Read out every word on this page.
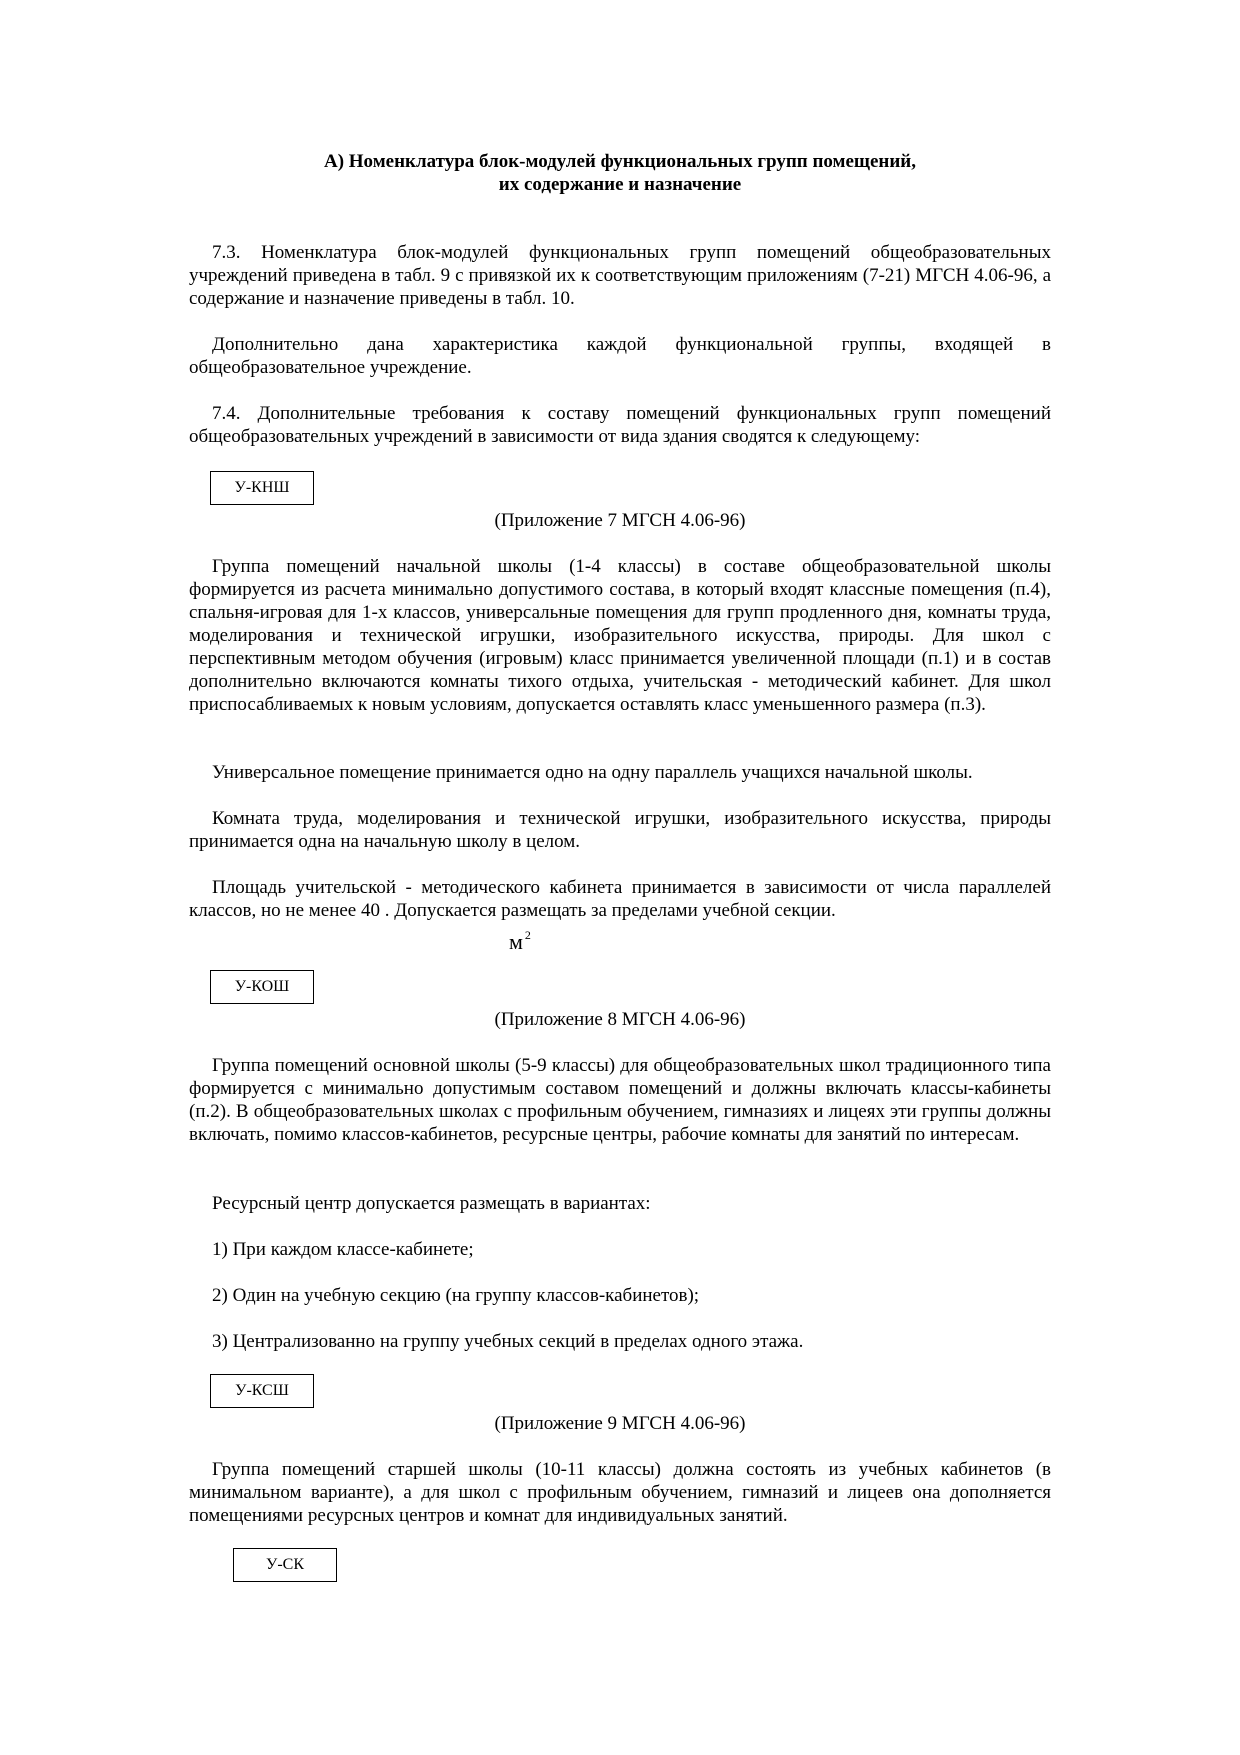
А) Номенклатура блок-модулей функциональных групп помещений,
их содержание и назначение

7.3. Номенклатура блок-модулей функциональных групп помещений общеобразовательных учреждений приведена в табл. 9 с привязкой их к соответствующим приложениям (7-21) МГСН 4.06-96, а содержание и назначение приведены в табл. 10.

Дополнительно дана характеристика каждой функциональной группы, входящей в общеобразовательное учреждение.

7.4. Дополнительные требования к составу помещений функциональных групп помещений общеобразовательных учреждений в зависимости от вида здания сводятся к следующему:

У-КНШ
(Приложение 7 МГСН 4.06-96)

Группа помещений начальной школы (1-4 классы) в составе общеобразовательной школы формируется из расчета минимально допустимого состава, в который входят классные помещения (п.4), спальня-игровая для 1-х классов, универсальные помещения для групп продленного дня, комнаты труда, моделирования и технической игрушки, изобразительного искусства, природы. Для школ с перспективным методом обучения (игровым) класс принимается увеличенной площади (п.1) и в состав дополнительно включаются комнаты тихого отдыха, учительская - методический кабинет. Для школ приспосабливаемых к новым условиям, допускается оставлять класс уменьшенного размера (п.3).

Универсальное помещение принимается одно на одну параллель учащихся начальной школы.

Комната труда, моделирования и технической игрушки, изобразительного искусства, природы принимается одна на начальную школу в целом.

Площадь учительской - методического кабинета принимается в зависимости от числа параллелей классов, но не менее 40 . Допускается размещать за пределами учебной секции.

м $^2$
У-КОШ
(Приложение 8 МГСН 4.06-96)

Группа помещений основной школы (5-9 классы) для общеобразовательных школ традиционного типа формируется с минимально допустимым составом помещений и должны включать классы-кабинеты (п.2). В общеобразовательных школах с профильным обучением, гимназиях и лицеях эти группы должны включать, помимо классов-кабинетов, ресурсные центры, рабочие комнаты для занятий по интересам.

Ресурсный центр допускается размещать в вариантах:

1) При каждом классе-кабинете;

2) Один на учебную секцию (на группу классов-кабинетов);

3) Централизованно на группу учебных секций в пределах одного этажа.

У-КСШ
(Приложение 9 МГСН 4.06-96)

Группа помещений старшей школы (10-11 классы) должна состоять из учебных кабинетов (в минимальном варианте), а для школ с профильным обучением, гимназий и лицеев она дополняется помещениями ресурсных центров и комнат для индивидуальных занятий.

У-СК
